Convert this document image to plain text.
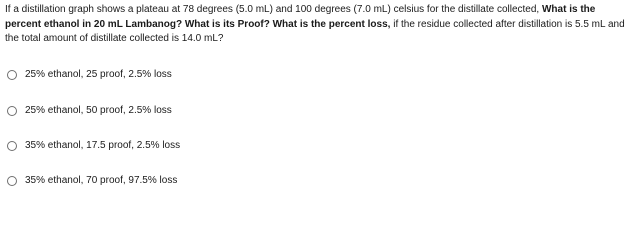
If a distillation graph shows a plateau at 78 degrees (5.0 mL) and 100 degrees (7.0 mL) celsius for the distillate collected, What is the percent ethanol in 20 mL Lambanog? What is its Proof? What is the percent loss, if the residue collected after distillation is 5.5 mL and the total amount of distillate collected is 14.0 mL?

25% ethanol, 25 proof, 2.5% loss
25% ethanol, 50 proof, 2.5% loss
35% ethanol, 17.5 proof, 2.5% loss
35% ethanol, 70 proof, 97.5% loss
